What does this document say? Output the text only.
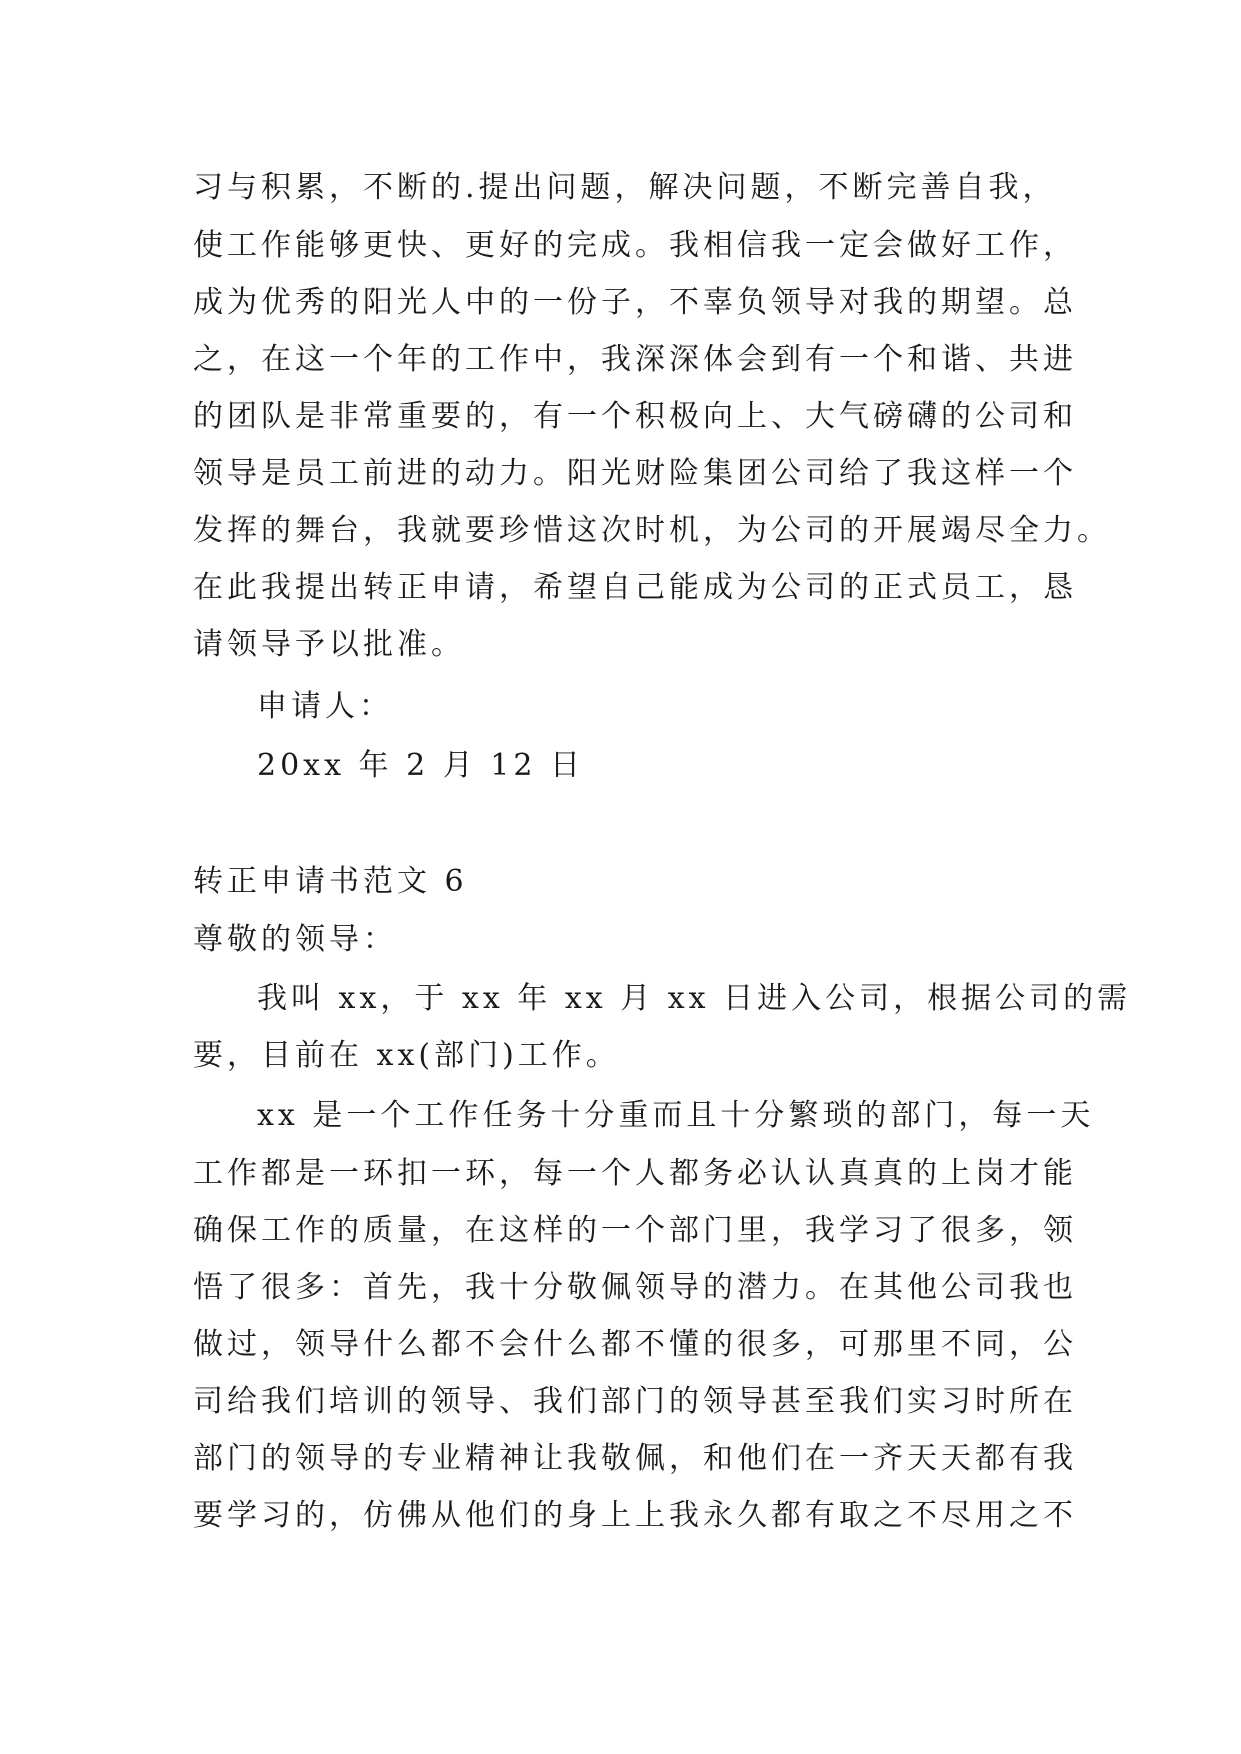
习与积累，不断的.提出问题，解决问题，不断完善自我，
使工作能够更快、更好的完成。我相信我一定会做好工作，
成为优秀的阳光人中的一份子，不辜负领导对我的期望。总
之，在这一个年的工作中，我深深体会到有一个和谐、共进
的团队是非常重要的，有一个积极向上、大气磅礴的公司和
领导是员工前进的动力。阳光财险集团公司给了我这样一个
发挥的舞台，我就要珍惜这次时机，为公司的开展竭尽全力。
在此我提出转正申请，希望自己能成为公司的正式员工，恳
请领导予以批准。
申请人：
20xx 年 2 月 12 日
转正申请书范文 6
尊敬的领导：
我叫 xx，于 xx 年 xx 月 xx 日进入公司，根据公司的需
要，目前在 xx(部门)工作。
xx 是一个工作任务十分重而且十分繁琐的部门，每一天
工作都是一环扣一环，每一个人都务必认认真真的上岗才能
确保工作的质量，在这样的一个部门里，我学习了很多，领
悟了很多：首先，我十分敬佩领导的潜力。在其他公司我也
做过，领导什么都不会什么都不懂的很多，可那里不同，公
司给我们培训的领导、我们部门的领导甚至我们实习时所在
部门的领导的专业精神让我敬佩，和他们在一齐天天都有我
要学习的，仿佛从他们的身上上我永久都有取之不尽用之不
